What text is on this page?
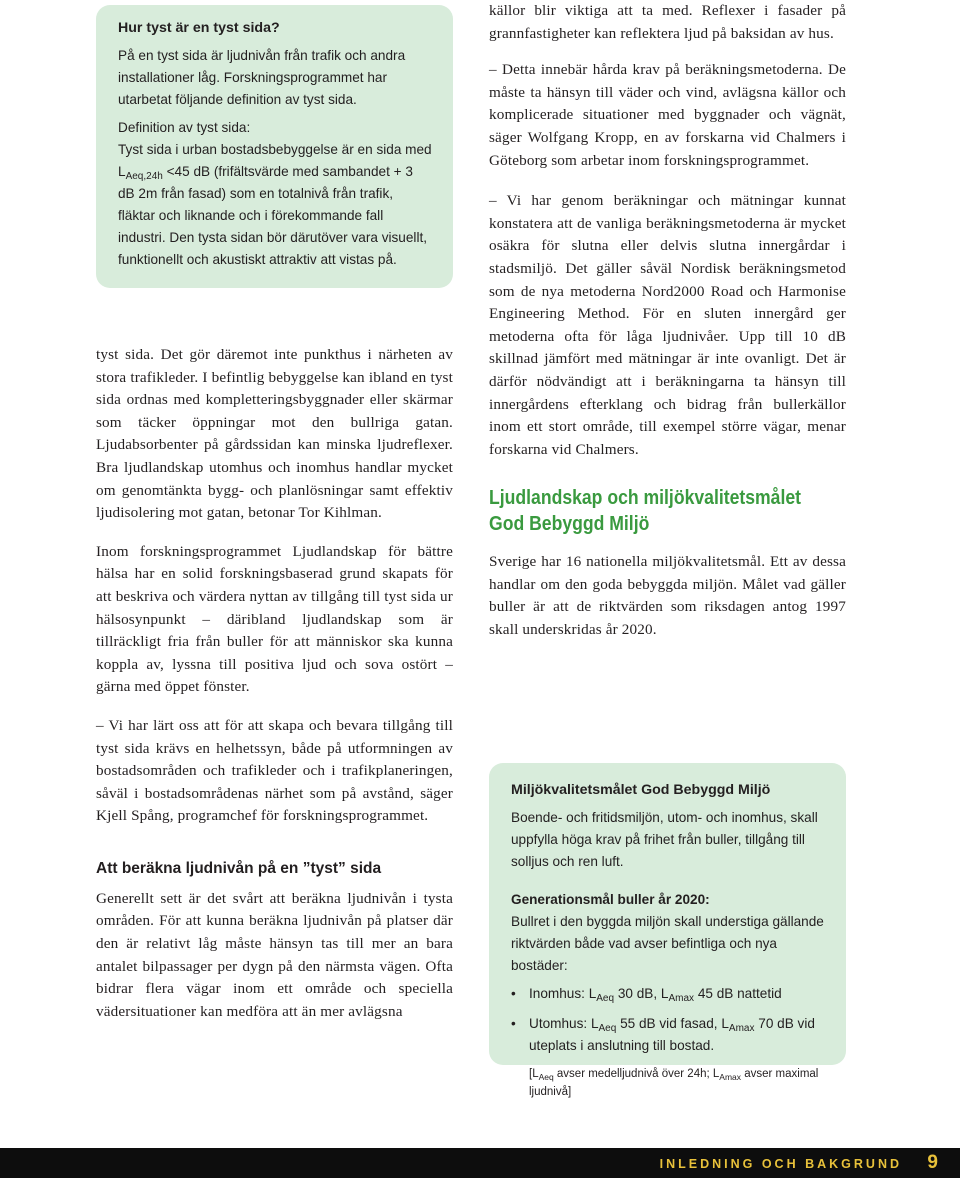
Hur tyst är en tyst sida?

På en tyst sida är ljudnivån från trafik och andra installationer låg. Forskningsprogrammet har utarbetat följande definition av tyst sida.

Definition av tyst sida:

Tyst sida i urban bostadsbebyggelse är en sida med

$L_{Aeq,24h} <45$ dB (frifältsvärde med sambandet + 3 dB 2m från fasad) som en totalnivå från trafik, fläktar och liknande och i förekommande fall industri. Den tysta sidan bör därutöver vara visuellt, funktionellt och akustiskt attraktiv att vistas på.

tyst sida. Det gör däremot inte punkthus i närheten av stora trafikleder. I befintlig bebyggelse kan ibland en tyst sida ordnas med kompletteringsbyggnader eller skärmar som täcker öppningar mot den bullriga gatan. Ljudabsorbenter på gårdssidan kan minska ljudreflexer. Bra ljudlandskap utomhus och inomhus handlar mycket om genomtänkta bygg- och planlösningar samt effektiv ljudisolering mot gatan, betonar Tor Kihlman.

Inom forskningsprogrammet Ljudlandskap för bättre hälsa har en solid forskningsbaserad grund skapats för att beskriva och värdera nyttan av tillgång till tyst sida ur hälsosynpunkt – däribland ljudlandskap som är tillräckligt fria från buller för att människor ska kunna koppla av, lyssna till positiva ljud och sova ostört – gärna med öppet fönster.

– Vi har lärt oss att för att skapa och bevara tillgång till tyst sida krävs en helhetssyn, både på utformningen av bostadsområden och trafikleder och i trafikplaneringen, såväl i bostadsområdenas närhet som på avstånd, säger Kjell Spång, programchef för forskningsprogrammet.

Att beräkna ljudnivån på en ”tyst” sida

Generellt sett är det svårt att beräkna ljudnivån i tysta områden. För att kunna beräkna ljudnivån på platser där den är relativt låg måste hänsyn tas till mer an bara antalet bilpassager per dygn på den närmsta vägen. Ofta bidrar flera vägar inom ett område och speciella vädersituationer kan medföra att än mer avlägsna

källor blir viktiga att ta med. Reflexer i fasader på grannfastigheter kan reflektera ljud på baksidan av hus.

– Detta innebär hårda krav på beräkningsmetoderna. De måste ta hänsyn till väder och vind, avlägsna källor och komplicerade situationer med byggnader och vägnät, säger Wolfgang Kropp, en av forskarna vid Chalmers i Göteborg som arbetar inom forskningsprogrammet.

– Vi har genom beräkningar och mätningar kunnat konstatera att de vanliga beräkningsmetoderna är mycket osäkra för slutna eller delvis slutna innergårdar i stadsmiljö. Det gäller såväl Nordisk beräkningsmetod som de nya metoderna Nord2000 Road och Harmonise Engineering Method. För en sluten innergård ger metoderna ofta för låga ljudnivåer. Upp till 10 dB skillnad jämfört med mätningar är inte ovanligt. Det är därför nödvändigt att i beräkningarna ta hänsyn till innergårdens efterklang och bidrag från bullerkällor inom ett stort område, till exempel större vägar, menar forskarna vid Chalmers.

Ljudlandskap och miljökvalitetsmålet
God Bebyggd Miljö

Sverige har 16 nationella miljökvalitetsmål. Ett av dessa handlar om den goda bebyggda miljön. Målet vad gäller buller är att de riktvärden som riksdagen antog 1997 skall underskridas år 2020.

Miljökvalitetsmålet God Bebyggd Miljö

Boende- och fritidsmiljön, utom- och inomhus, skall uppfylla höga krav på frihet från buller, tillgång till solljus och ren luft.

Generationsmål buller år 2020:

Bullret i den byggda miljön skall understiga gällande riktvärden både vad avser befintliga och nya bostäder:

• Inomhus: $L_{Aeq}$ 30 dB, $L_{Amax}$ 45 dB nattetid
• Utomhus: $L_{Aeq}$ 55 dB vid fasad, $L_{Amax}$ 70 dB vid uteplats i anslutning till bostad.

[$L_{Aeq}$ avser medelljudnivå över 24h; $L_{Amax}$ avser maximal ljudnivå]

INLEDNING OCH BAKGRUND 9
